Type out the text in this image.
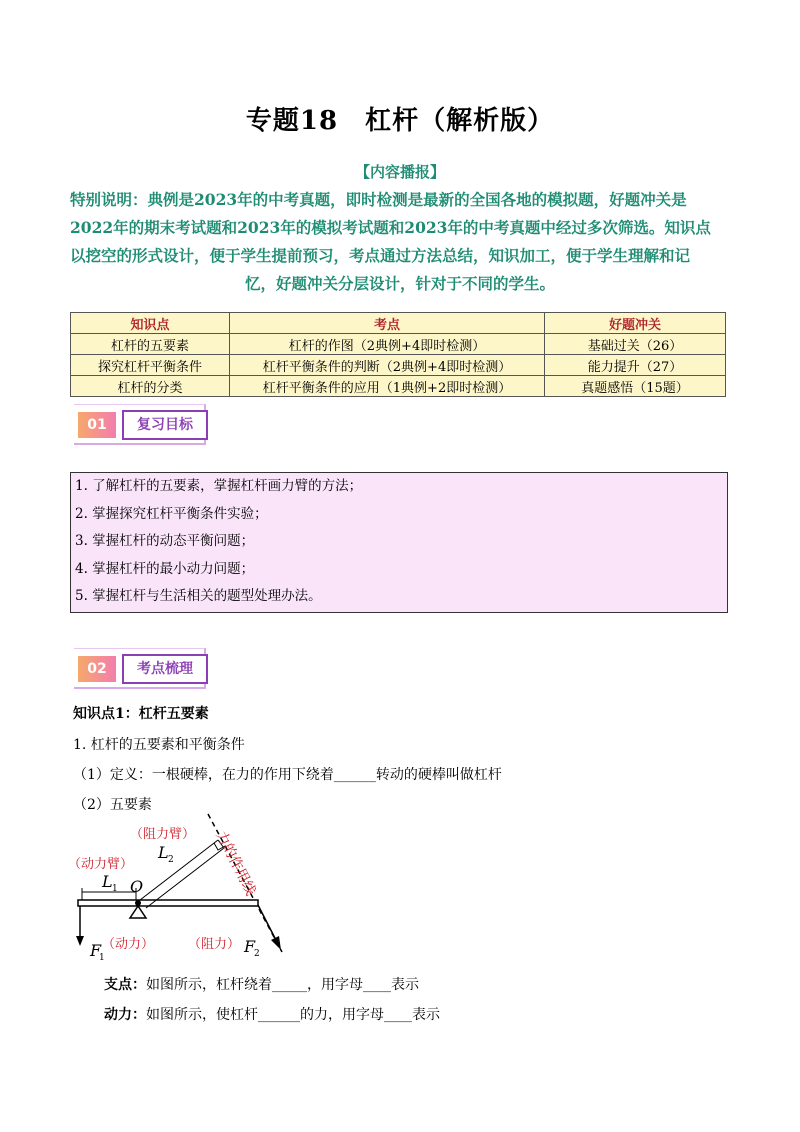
专题18　杠杆（解析版）
【内容播报】
特别说明：典例是2023年的中考真题，即时检测是最新的全国各地的模拟题，好题冲关是
2022年的期末考试题和2023年的模拟考试题和2023年的中考真题中经过多次筛选。知识点
以挖空的形式设计，便于学生提前预习，考点通过方法总结，知识加工，便于学生理解和记
忆，好题冲关分层设计，针对于不同的学生。
知识点	考点	好题冲关
杠杆的五要素	杠杆的作图（2典例+4即时检测）	基础过关（26）
探究杠杆平衡条件	杠杆平衡条件的判断（2典例+4即时检测）	能力提升（27）
杠杆的分类	杠杆平衡条件的应用（1典例+2即时检测）	真题感悟（15题）
01	复习目标
1. 了解杠杆的五要素，掌握杠杆画力臂的方法；
2. 掌握探究杠杆平衡条件实验；
3. 掌握杠杆的动态平衡问题；
4. 掌握杠杆的最小动力问题；
5. 掌握杠杆与生活相关的题型处理办法。
02	考点梳理
知识点1：杠杆五要素
1. 杠杆的五要素和平衡条件
（1）定义：一根硬棒，在力的作用下绕着______转动的硬棒叫做杠杆
（2）五要素
（阻力臂）
（动力臂）	力的作用线
L 1
L 2
O
F
1
（动力）	（阻力） F
2
支点：如图所示，杠杆绕着_____，用字母____表示
动力：如图所示，使杠杆______的力，用字母____表示
